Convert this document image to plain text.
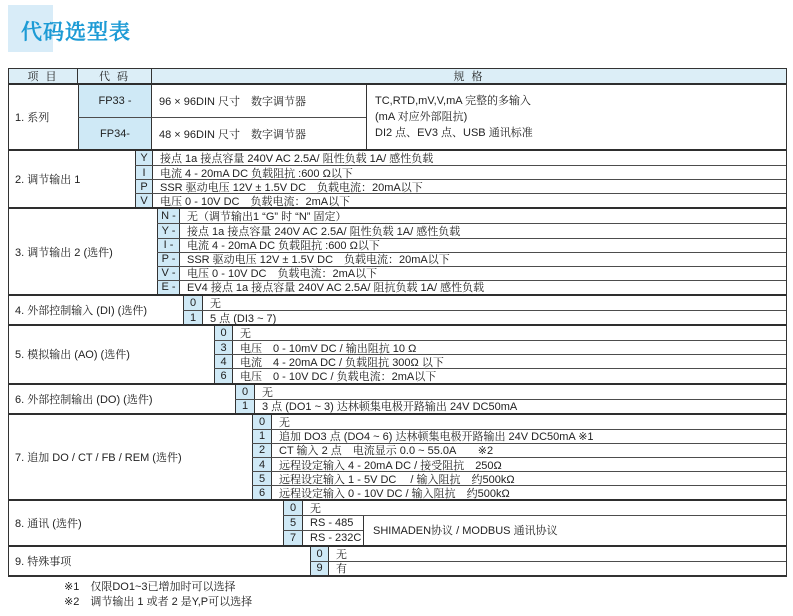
代码选型表
项 目	代 码	规 格
1. 系列
FP33 -	96 × 96DIN 尺寸　数字调节器
FP34-	48 × 96DIN 尺寸　数字调节器
TC,RTD,mV,V,mA 完整的多输入
(mA 对应外部阻抗)
DI2 点、EV3 点、USB 通讯标准
2. 调节输出 1
Y	接点 1a 接点容量 240V AC 2.5A/ 阻性负载 1A/ 感性负载
I	电流 4 - 20mA DC 负载阻抗 :600 Ω以下
P	SSR 驱动电压 12V ± 1.5V DC　负载电流：20mA以下
V	电压 0 - 10V DC　负载电流：2mA以下
3. 调节输出 2 (选件)
N -	无（调节输出1 “G” 时 “N” 固定）
Y -	接点 1a 接点容量 240V AC 2.5A/ 阻性负载 1A/ 感性负载
I -	电流 4 - 20mA DC 负载阻抗 :600 Ω以下
P -	SSR 驱动电压 12V ± 1.5V DC　负载电流：20mA以下
V -	电压 0 - 10V DC　负载电流：2mA以下
E -	EV4 接点 1a 接点容量 240V AC 2.5A/ 阻抗负载 1A/ 感性负载
4. 外部控制输入 (DI) (选件)
0	无
1	5 点 (DI3 ~ 7)
5. 模拟输出 (AO) (选件)
0	无
3	电压　0 - 10mV DC / 输出阻抗 10 Ω
4	电流　4 - 20mA DC / 负载阻抗 300Ω 以下
6	电压　0 - 10V DC / 负载电流：2mA以下
6. 外部控制输出 (DO) (选件)
0	无
1	3 点 (DO1 ~ 3) 达林顿集电极开路输出 24V DC50mA
7. 追加 DO / CT / FB / REM (选件)
0	无
1	追加 DO3 点 (DO4 ~ 6) 达林顿集电极开路输出 24V DC50mA ※1
2	CT 输入 2 点　电流显示 0.0 ~ 55.0A　　※2
4	远程设定输入 4 - 20mA DC / 接受阻抗　250Ω
5	远程设定输入 1 - 5V DC　 / 输入阻抗　约500kΩ
6	远程设定输入 0 - 10V DC / 输入阻抗　约500kΩ
8. 通讯 (选件)
0	无
5	RS - 485
7	RS - 232C
SHIMADEN协议 / MODBUS 通讯协议
9. 特殊事项
0	无
9	有
※1　仅限DO1~3已增加时可以选择
※2　调节输出 1 或者 2 是Y,P可以选择
